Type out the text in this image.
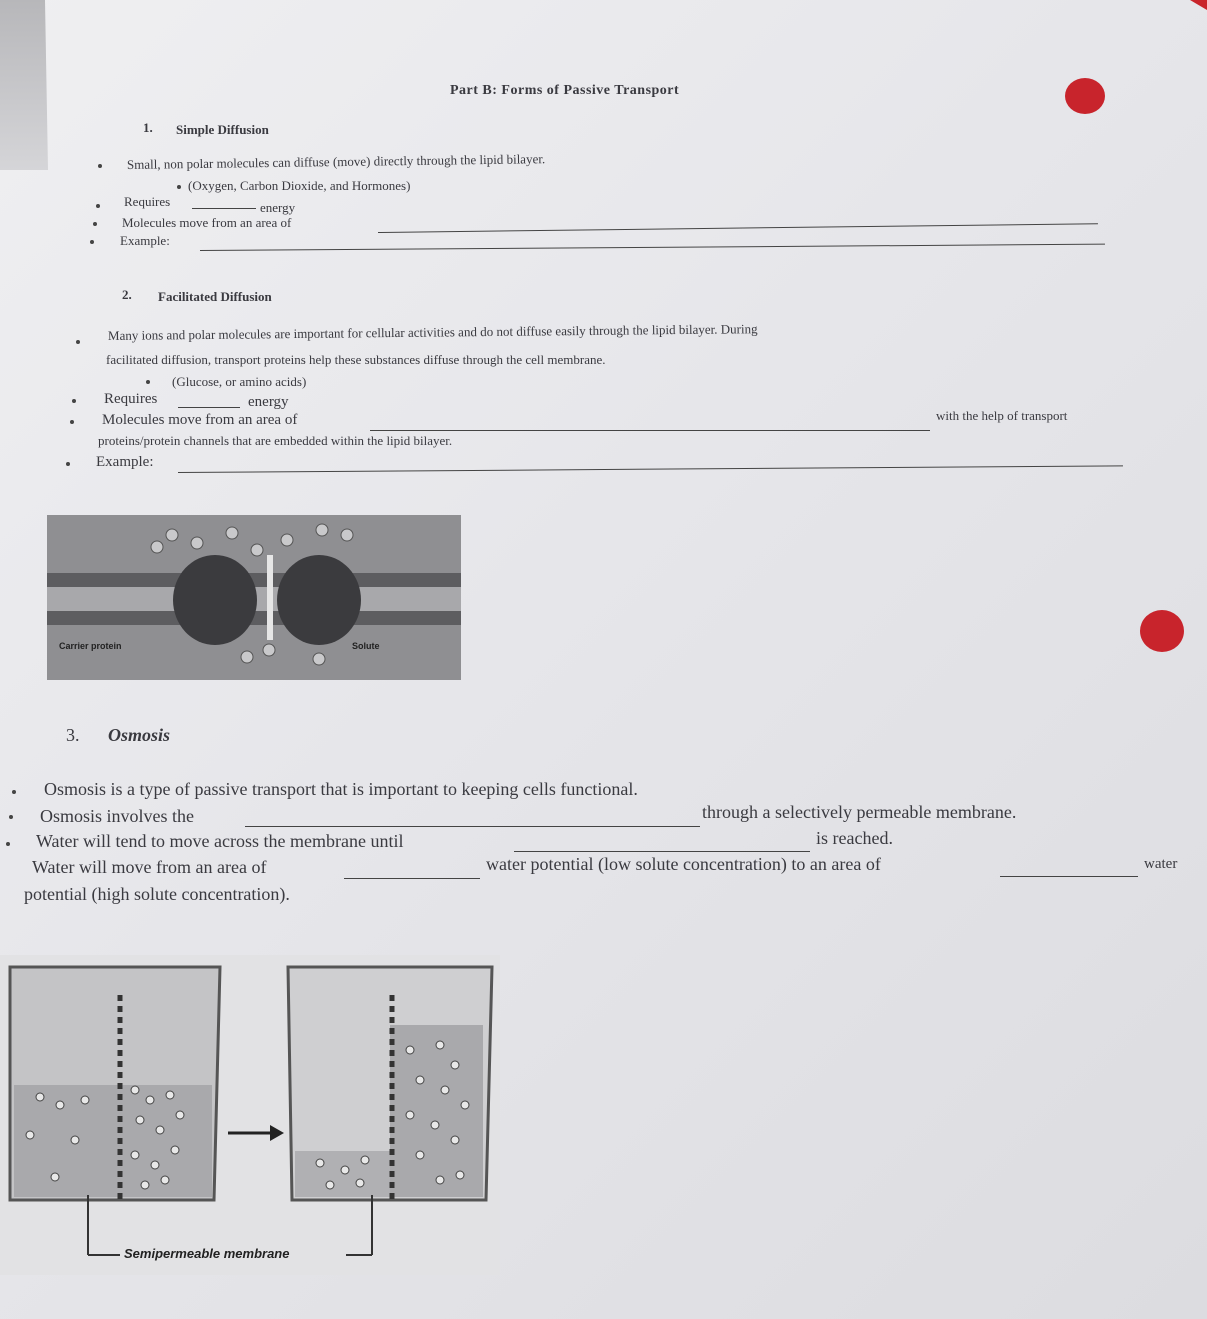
Part B: Forms of Passive Transport
1. Simple Diffusion
Small, non polar molecules can diffuse (move) directly through the lipid bilayer.
(Oxygen, Carbon Dioxide, and Hormones)
Requires	energy
Molecules move from an area of
Example:
2. Facilitated Diffusion
Many ions and polar molecules are important for cellular activities and do not diffuse easily through the lipid bilayer. During
facilitated diffusion, transport proteins help these substances diffuse through the cell membrane.
(Glucose, or amino acids)
Requires	energy
Molecules move from an area of	with the help of transport
proteins/protein channels that are embedded within the lipid bilayer.
Example:
Carrier protein	Solute
3. Osmosis
Osmosis is a type of passive transport that is important to keeping cells functional.
Osmosis involves the	through a selectively permeable membrane.
Water will tend to move across the membrane until	is reached.
Water will move from an area of	water potential (low solute concentration) to an area of	water
potential (high solute concentration).
Semipermeable membrane
